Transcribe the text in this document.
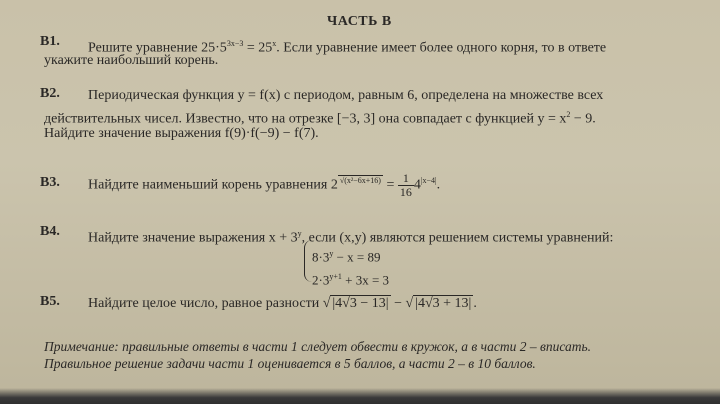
ЧАСТЬ В
В1. Решите уравнение $25\cdot 5^{3x-3} = 25^x$. Если уравнение имеет более одного корня, то в ответе
укажите наибольший корень.
В2. Периодическая функция y = f(x) с периодом, равным 6, определена на множестве всех
действительных чисел. Известно, что на отрезке [−3, 3] она совпадает с функцией $y = x^2 - 9$.
Найдите значение выражения f(9)·f(−9) − f(7).
В3. Найдите наименьший корень уравнения 2 $^{√(x^2-6x+16)} = \frac{1}{16} 4^{|x-4|}$.
В4. Найдите значение выражения $x + 3^y$, если (x,y) являются решением системы уравнений:
$8\cdot 3^y - x = 89$
$2\cdot 3^{y+1} + 3x = 3$
В5. Найдите целое число, равное разности √ |4√3 − 13| − √ |4√3 + 13| .
Примечание: правильные ответы в части 1 следует обвести в кружок, а в части 2 – вписать.
Правильное решение задачи части 1 оценивается в 5 баллов, а части 2 – в 10 баллов.
